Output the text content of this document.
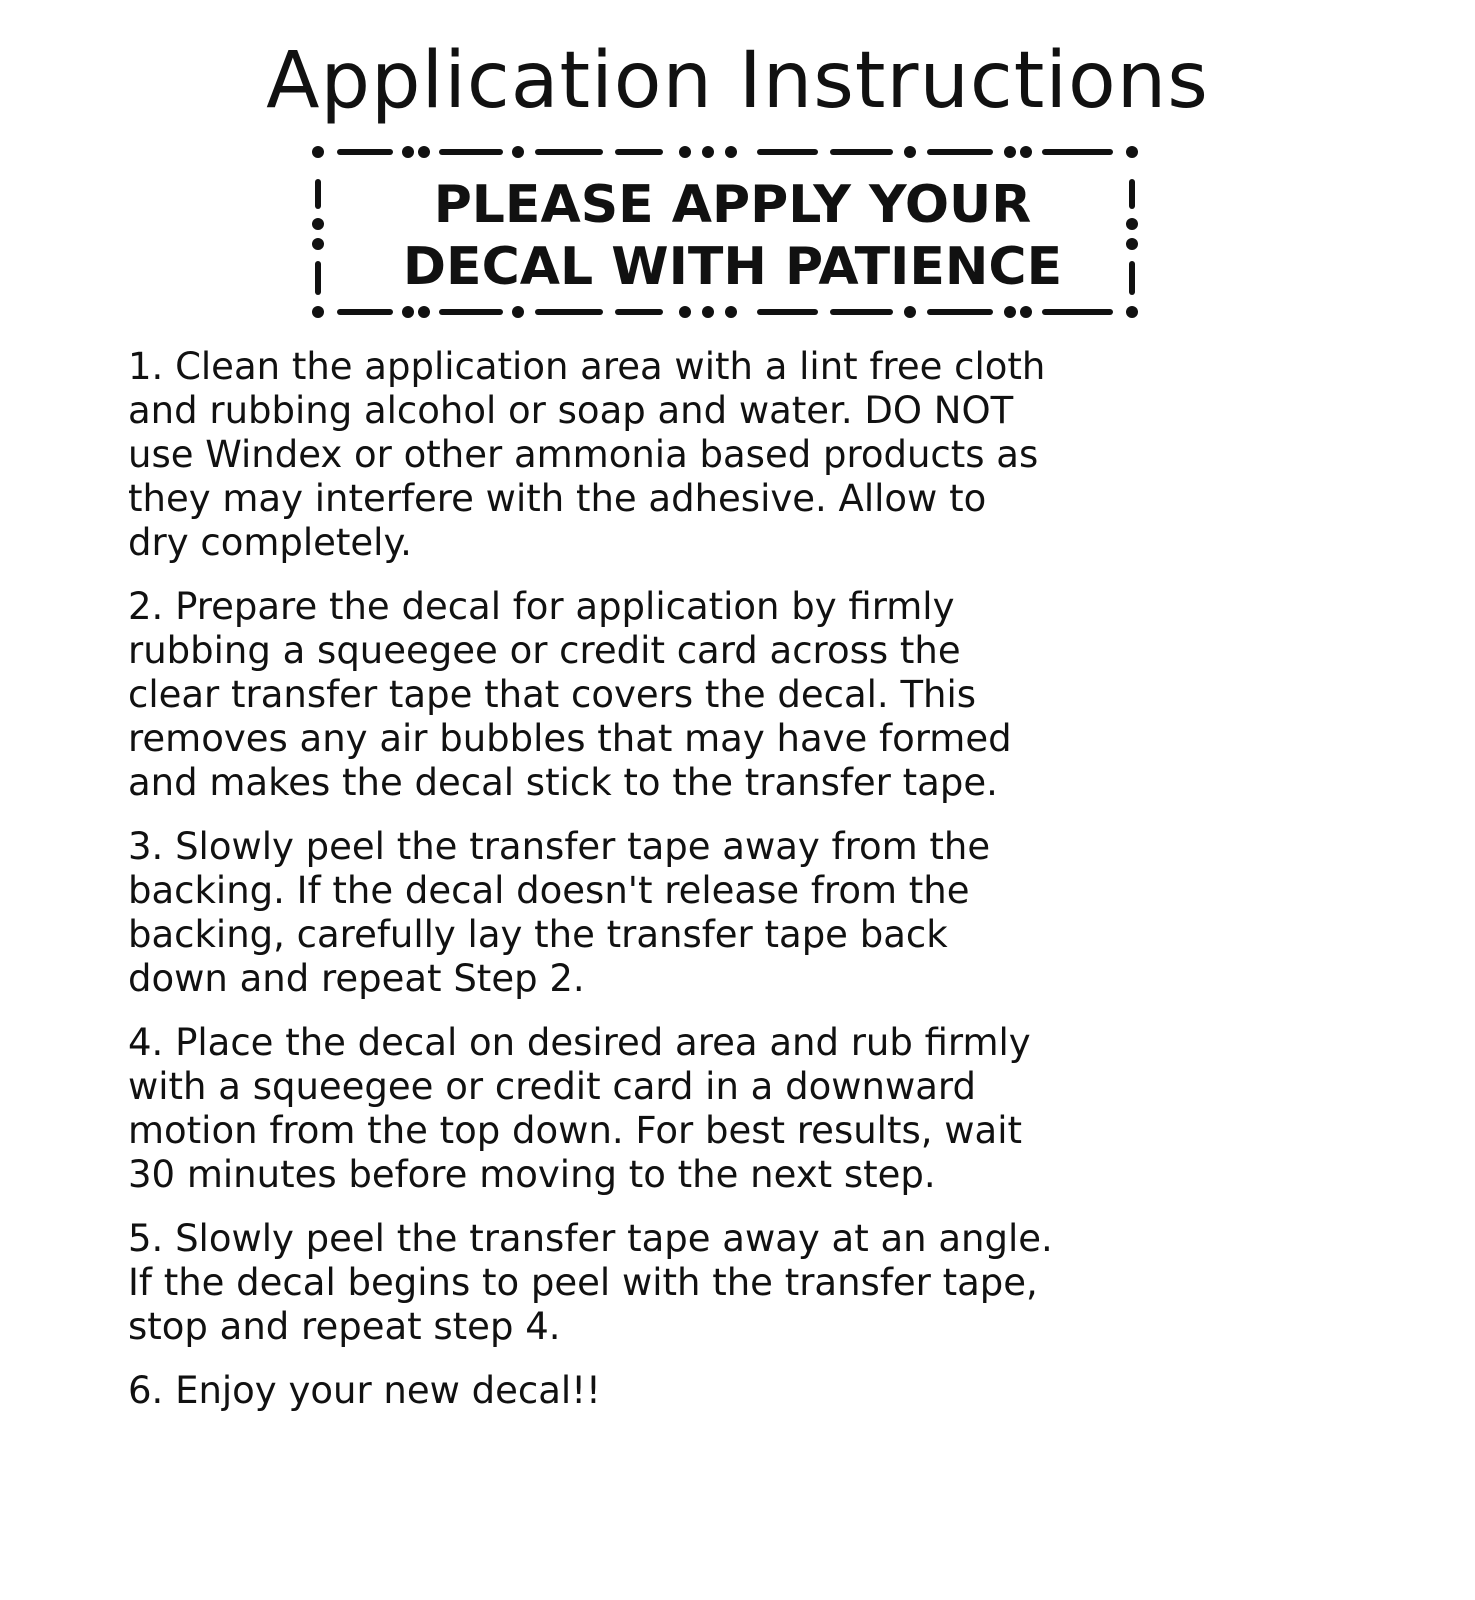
Application Instructions
PLEASE APPLY YOUR
DECAL WITH PATIENCE

1. Clean the application area with a lint free cloth
and rubbing alcohol or soap and water. DO NOT
use Windex or other ammonia based products as
they may interfere with the adhesive. Allow to
dry completely.

2. Prepare the decal for application by firmly
rubbing a squeegee or credit card across the
clear transfer tape that covers the decal. This
removes any air bubbles that may have formed
and makes the decal stick to the transfer tape.

3. Slowly peel the transfer tape away from the
backing. If the decal doesn't release from the
backing, carefully lay the transfer tape back
down and repeat Step 2.

4. Place the decal on desired area and rub firmly
with a squeegee or credit card in a downward
motion from the top down. For best results, wait
30 minutes before moving to the next step.

5. Slowly peel the transfer tape away at an angle.
If the decal begins to peel with the transfer tape,
stop and repeat step 4.

6. Enjoy your new decal!!
